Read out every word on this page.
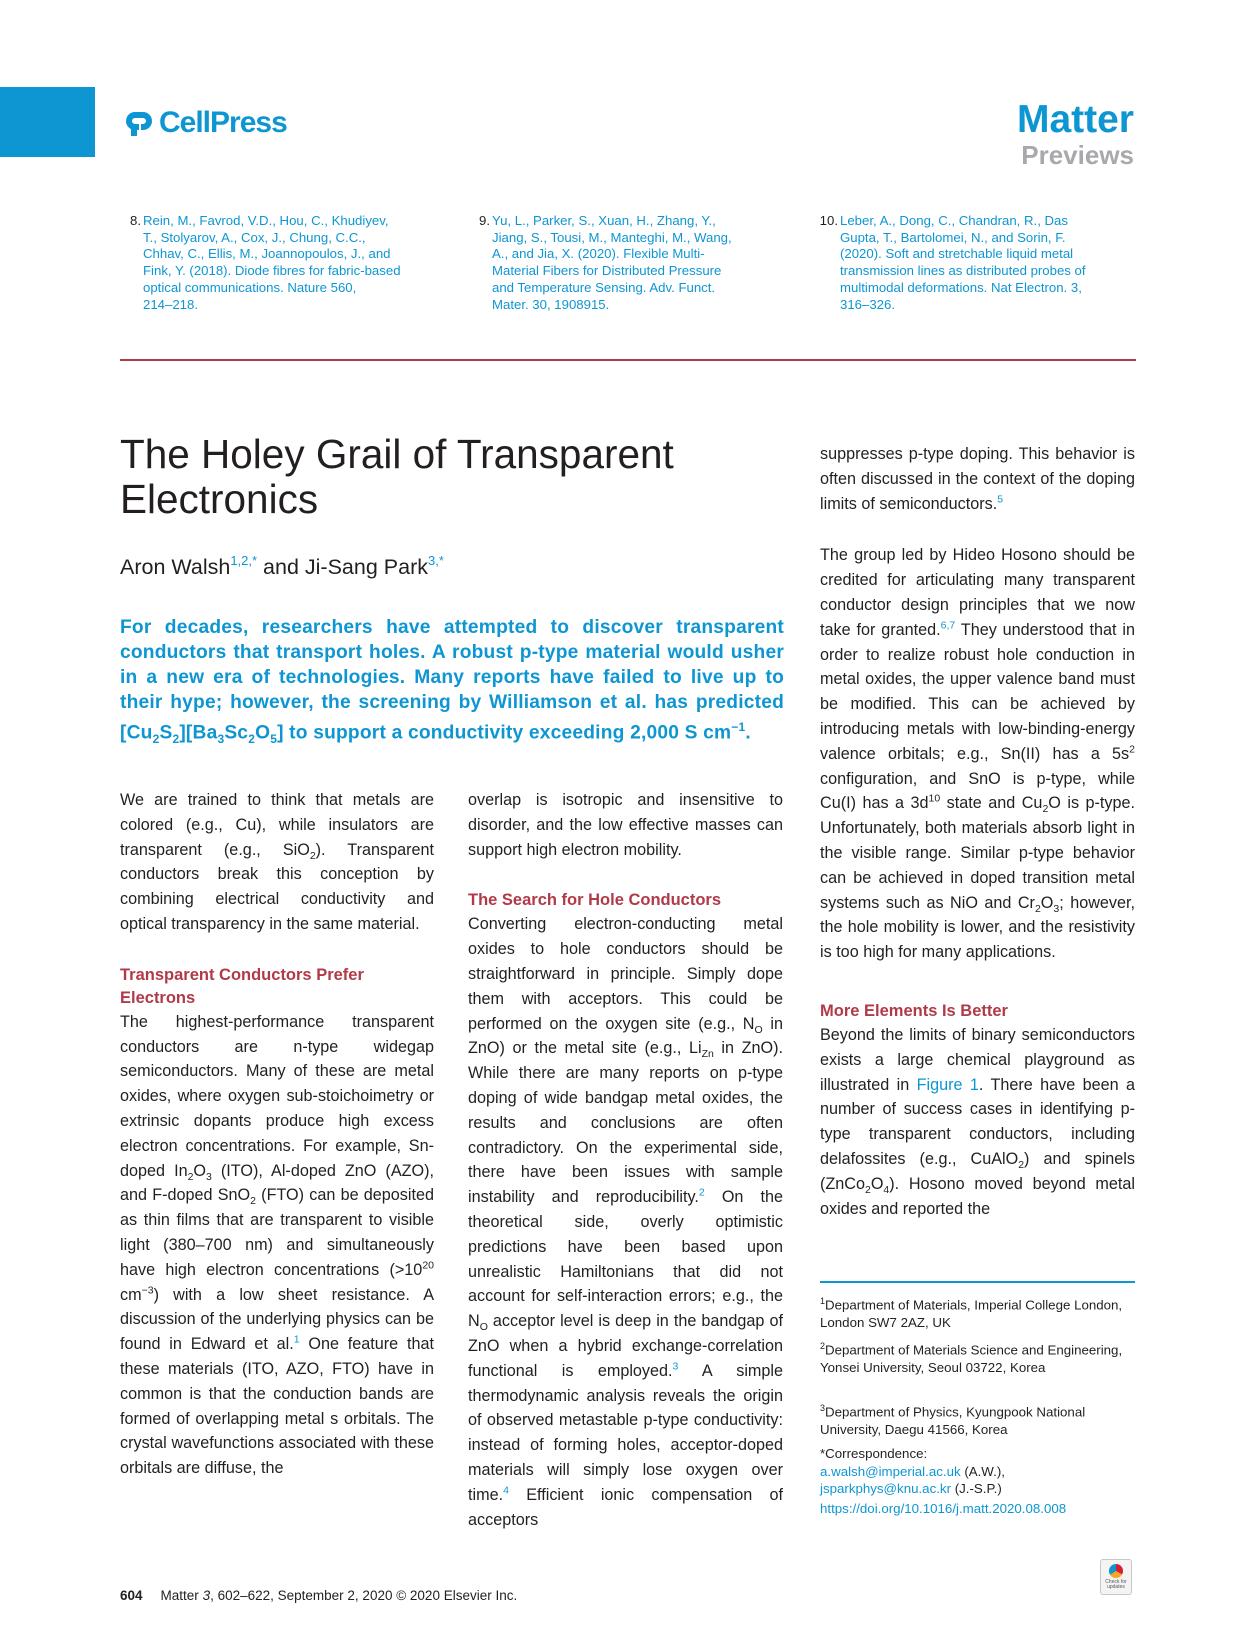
CellPress	Matter
Previews
8. Rein, M., Favrod, V.D., Hou, C., Khudiyev,
T., Stolyarov, A., Cox, J., Chung, C.C.,
Chhav, C., Ellis, M., Joannopoulos, J., and
Fink, Y. (2018). Diode fibres for fabric-based
optical communications. Nature 560,
214–218.
9. Yu, L., Parker, S., Xuan, H., Zhang, Y.,
Jiang, S., Tousi, M., Manteghi, M., Wang,
A., and Jia, X. (2020). Flexible Multi-
Material Fibers for Distributed Pressure
and Temperature Sensing. Adv. Funct.
Mater. 30, 1908915.
10. Leber, A., Dong, C., Chandran, R., Das
Gupta, T., Bartolomei, N., and Sorin, F.
(2020). Soft and stretchable liquid metal
transmission lines as distributed probes of
multimodal deformations. Nat Electron. 3,
316–326.
The Holey Grail of Transparent
Electronics
Aron Walsh$^{1,2,*}$ and Ji-Sang Park$^{3,*}$

For decades, researchers have attempted to discover transparent conductors that transport holes. A robust p-type material would usher in a new era of technologies. Many reports have failed to live up to their hype; however, the screening by Williamson et al. has predicted $[Cu_2S_2][Ba_3Sc_2O_5]$ to support a conductivity exceeding 2,000 S $cm^{-1}$.

We are trained to think that metals are colored (e.g., Cu), while insulators are transparent (e.g., SiO$_2$). Transparent conductors break this conception by combining electrical conductivity and optical transparency in the same material.

Transparent Conductors Prefer Electrons

The highest-performance transparent conductors are n-type widegap semiconductors. Many of these are metal oxides, where oxygen sub-stoichoimetry or extrinsic dopants produce high excess electron concentrations. For example, Sn-doped $In_2O_3$ (ITO), Al-doped ZnO (AZO), and F-doped SnO$_2$ (FTO) can be deposited as thin films that are transparent to visible light (380–700 nm) and simultaneously have high electron concentrations ($>10^{20}$ $cm^{-3}$) with a low sheet resistance. A discussion of the underlying physics can be found in Edward et al.$^1$ One feature that these materials (ITO, AZO, FTO) have in common is that the conduction bands are formed of overlapping metal s orbitals. The crystal wavefunctions associated with these orbitals are diffuse, the

overlap is isotropic and insensitive to disorder, and the low effective masses can support high electron mobility.

The Search for Hole Conductors

Converting electron-conducting metal oxides to hole conductors should be straightforward in principle. Simply dope them with acceptors. This could be performed on the oxygen site (e.g., $N_O$ in ZnO) or the metal site (e.g., $Li_{Zn}$ in ZnO). While there are many reports on p-type doping of wide bandgap metal oxides, the results and conclusions are often contradictory. On the experimental side, there have been issues with sample instability and reproducibility.$^2$ On the theoretical side, overly optimistic predictions have been based upon unrealistic Hamiltonians that did not account for self-interaction errors; e.g., the $N_O$ acceptor level is deep in the bandgap of ZnO when a hybrid exchange-correlation functional is employed.$^3$ A simple thermodynamic analysis reveals the origin of observed metastable p-type conductivity: instead of forming holes, acceptor-doped materials will simply lose oxygen over time.$^4$ Efficient ionic compensation of acceptors

suppresses p-type doping. This behavior is often discussed in the context of the doping limits of semiconductors.$^5$

The group led by Hideo Hosono should be credited for articulating many transparent conductor design principles that we now take for granted.$^{6,7}$ They understood that in order to realize robust hole conduction in metal oxides, the upper valence band must be modified. This can be achieved by introducing metals with low-binding-energy valence orbitals; e.g., Sn(II) has a $5s^2$ configuration, and SnO is p-type, while Cu(I) has a $3d^{10}$ state and $Cu_2O$ is p-type. Unfortunately, both materials absorb light in the visible range. Similar p-type behavior can be achieved in doped transition metal systems such as NiO and $Cr_2O_3$; however, the hole mobility is lower, and the resistivity is too high for many applications.

More Elements Is Better

Beyond the limits of binary semiconductors exists a large chemical playground as illustrated in Figure 1. There have been a number of success cases in identifying p-type transparent conductors, including delafossites (e.g., CuAlO$_2$) and spinels $(ZnCo_2O_4)$. Hosono moved beyond metal oxides and reported the

$^1$Department of Materials, Imperial College London, London SW7 2AZ, UK
$^2$Department of Materials Science and Engineering, Yonsei University, Seoul 03722, Korea
$^3$Department of Physics, Kyungpook National University, Daegu 41566, Korea
*Correspondence:
a.walsh@imperial.ac.uk (A.W.),
jsparkphys@knu.ac.kr (J.-S.P.)
https://doi.org/10.1016/j.matt.2020.08.008
604 Matter 3, 602–622, September 2, 2020 © 2020 Elsevier Inc.
Check for
updates
